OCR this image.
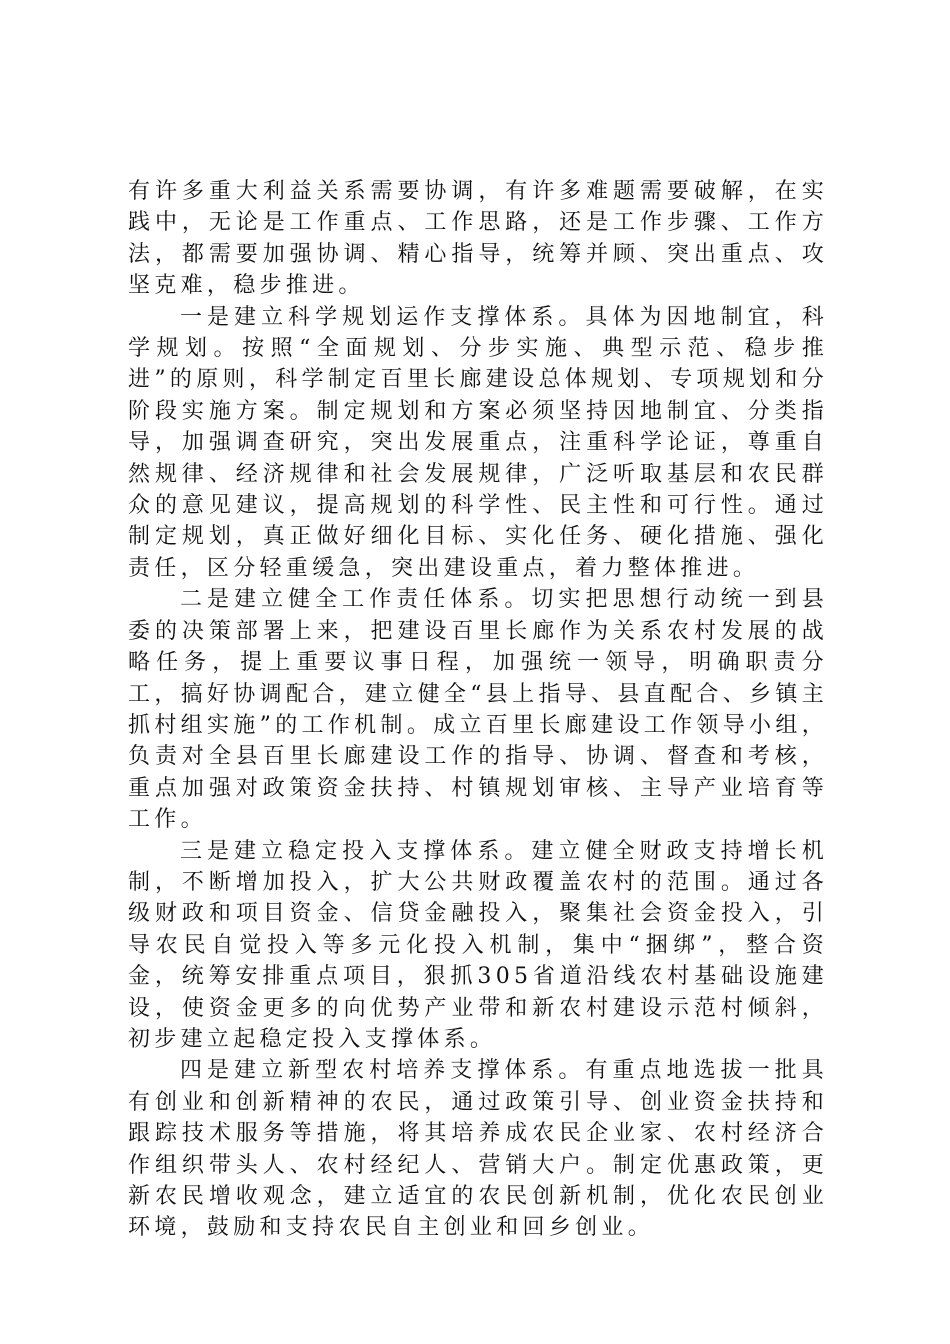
有许多重大利益关系需要协调，有许多难题需要破解，在实践中，无论是工作重点、工作思路，还是工作步骤、工作方法，都需要加强协调、精心指导，统筹并顾、突出重点、攻坚克难，稳步推进。

一是建立科学规划运作支撑体系。具体为因地制宜，科学规划。按照“全面规划、分步实施、典型示范、稳步推进”的原则，科学制定百里长廊建设总体规划、专项规划和分阶段实施方案。制定规划和方案必须坚持因地制宜、分类指导，加强调查研究，突出发展重点，注重科学论证，尊重自然规律、经济规律和社会发展规律，广泛听取基层和农民群众的意见建议，提高规划的科学性、民主性和可行性。通过制定规划，真正做好细化目标、实化任务、硬化措施、强化责任，区分轻重缓急，突出建设重点，着力整体推进。

二是建立健全工作责任体系。切实把思想行动统一到县委的决策部署上来，把建设百里长廊作为关系农村发展的战略任务，提上重要议事日程，加强统一领导，明确职责分工，搞好协调配合，建立健全“县上指导、县直配合、乡镇主抓村组实施”的工作机制。成立百里长廊建设工作领导小组，负责对全县百里长廊建设工作的指导、协调、督查和考核，重点加强对政策资金扶持、村镇规划审核、主导产业培育等工作。

三是建立稳定投入支撑体系。建立健全财政支持增长机制，不断增加投入，扩大公共财政覆盖农村的范围。通过各级财政和项目资金、信贷金融投入，聚集社会资金投入，引导农民自觉投入等多元化投入机制，集中“捆绑”，整合资金，统筹安排重点项目，狠抓305省道沿线农村基础设施建设，使资金更多的向优势产业带和新农村建设示范村倾斜，初步建立起稳定投入支撑体系。

四是建立新型农村培养支撑体系。有重点地选拔一批具有创业和创新精神的农民，通过政策引导、创业资金扶持和跟踪技术服务等措施，将其培养成农民企业家、农村经济合作组织带头人、农村经纪人、营销大户。制定优惠政策，更新农民增收观念，建立适宜的农民创新机制，优化农民创业环境，鼓励和支持农民自主创业和回乡创业。
